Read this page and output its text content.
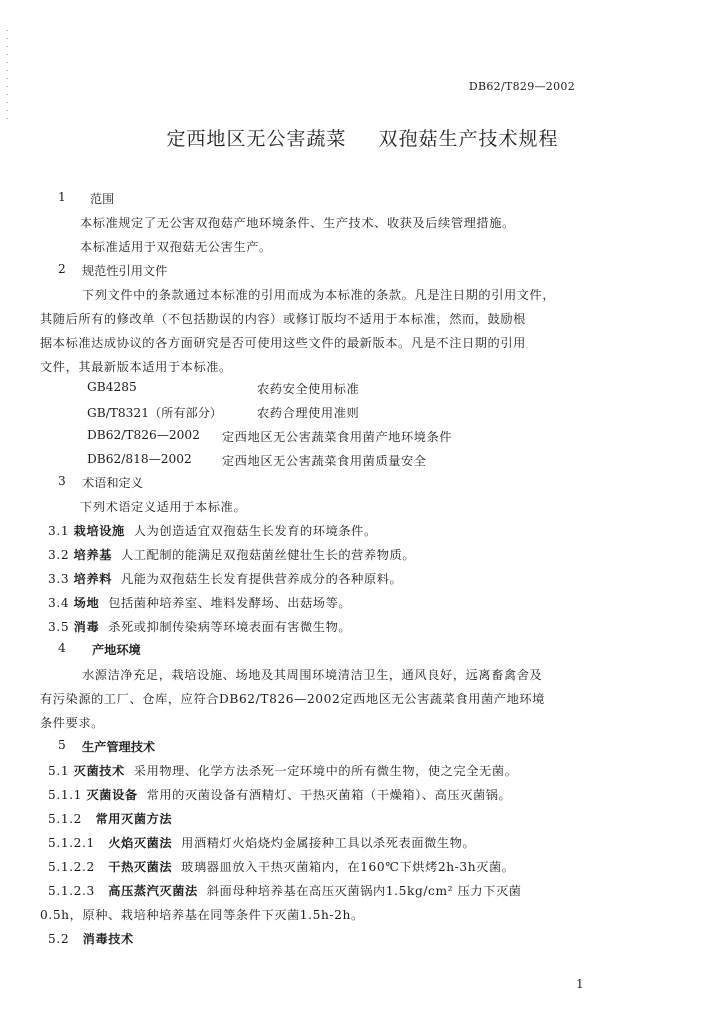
DB62/T829—2002
定西地区无公害蔬菜 双孢菇生产技术规程
1 范围
本标准规定了无公害双孢菇产地环境条件、生产技术、收获及后续管理措施。
本标准适用于双孢菇无公害生产。
2 规范性引用文件
下列文件中的条款通过本标准的引用而成为本标准的条款。凡是注日期的引用文件，
其随后所有的修改单（不包括勘误的内容）或修订版均不适用于本标准，然而，鼓励根
据本标准达成协议的各方面研究是否可使用这些文件的最新版本。凡是不注日期的引用
文件，其最新版本适用于本标准。
GB4285	农药安全使用标准
GB/T8321（所有部分）	农药合理使用准则
DB62/T826—2002 定西地区无公害蔬菜食用菌产地环境条件
DB62/818—2002 定西地区无公害蔬菜食用菌质量安全
3 术语和定义
下列术语定义适用于本标准。
3.1 栽培设施 人为创造适宜双孢菇生长发育的环境条件。
3.2 培养基 人工配制的能满足双孢菇菌丝健壮生长的营养物质。
3.3 培养料 凡能为双孢菇生长发育提供营养成分的各种原料。
3.4 场地 包括菌种培养室、堆料发酵场、出菇场等。
3.5 消毒 杀死或抑制传染病等环境表面有害微生物。
4 产地环境
水源洁净充足，栽培设施、场地及其周围环境清洁卫生，通风良好，远离畜禽舍及
有污染源的工厂、仓库，应符合DB62/T826—2002定西地区无公害蔬菜食用菌产地环境
条件要求。
5 生产管理技术
5.1 灭菌技术 采用物理、化学方法杀死一定环境中的所有微生物，使之完全无菌。
5.1.1 灭菌设备 常用的灭菌设备有酒精灯、干热灭菌箱（干燥箱）、高压灭菌锅。
5.1.2 常用灭菌方法
5.1.2.1 火焰灭菌法 用酒精灯火焰烧灼金属接种工具以杀死表面微生物。
5.1.2.2 干热灭菌法 玻璃器皿放入干热灭菌箱内，在160℃下烘烤2h-3h灭菌。
5.1.2.3 高压蒸汽灭菌法 斜面母种培养基在高压灭菌锅内1.5kg/cm² 压力下灭菌
0.5h，原种、栽培种培养基在同等条件下灭菌1.5h-2h。
5.2 消毒技术
1
